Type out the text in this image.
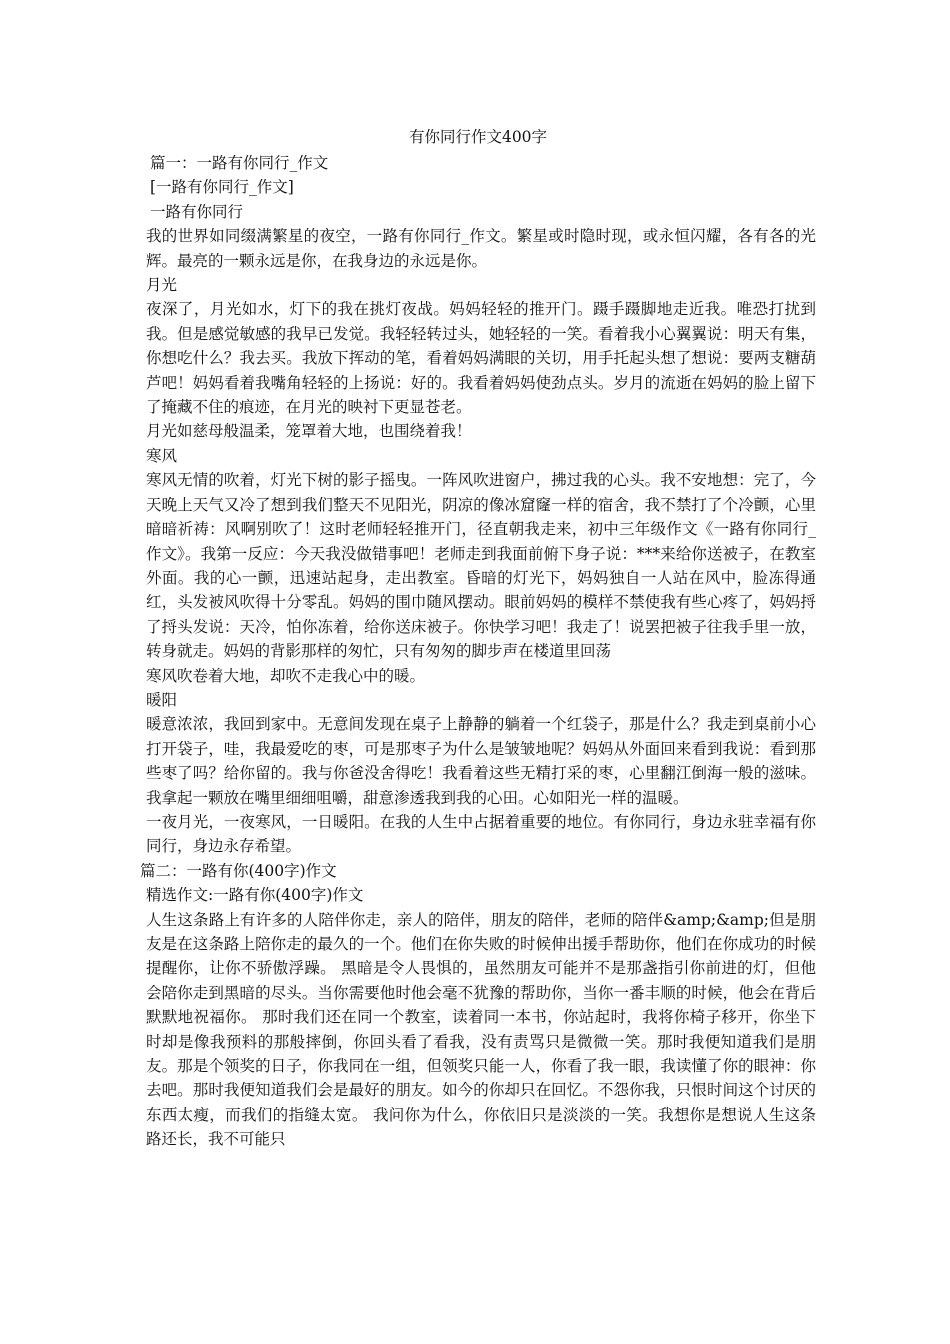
有你同行作文400字

篇一：一路有你同行_作文

[一路有你同行_作文]

一路有你同行

我的世界如同缀满繁星的夜空，一路有你同行_作文。繁星或时隐时现，或永恒闪耀，各有各的光辉。最亮的一颗永远是你，在我身边的永远是你。

月光

夜深了，月光如水，灯下的我在挑灯夜战。妈妈轻轻的推开门。蹑手蹑脚地走近我。唯恐打扰到我。但是感觉敏感的我早已发觉。我轻轻转过头，她轻轻的一笑。看着我小心翼翼说：明天有集，你想吃什么？我去买。我放下挥动的笔，看着妈妈满眼的关切，用手托起头想了想说：要两支糖葫芦吧！妈妈看着我嘴角轻轻的上扬说：好的。我看着妈妈使劲点头。岁月的流逝在妈妈的脸上留下了掩藏不住的痕迹，在月光的映衬下更显苍老。

月光如慈母般温柔，笼罩着大地，也围绕着我！

寒风

寒风无情的吹着，灯光下树的影子摇曳。一阵风吹进窗户，拂过我的心头。我不安地想：完了，今天晚上天气又冷了想到我们整天不见阳光，阴凉的像冰窟窿一样的宿舍，我不禁打了个冷颤，心里暗暗祈祷：风啊别吹了！这时老师轻轻推开门，径直朝我走来，初中三年级作文《一路有你同行_作文》。我第一反应：今天我没做错事吧！老师走到我面前俯下身子说：***来给你送被子，在教室外面。我的心一颤，迅速站起身，走出教室。昏暗的灯光下，妈妈独自一人站在风中，脸冻得通红，头发被风吹得十分零乱。妈妈的围巾随风摆动。眼前妈妈的模样不禁使我有些心疼了，妈妈捋了捋头发说：天冷，怕你冻着，给你送床被子。你快学习吧！我走了！说罢把被子往我手里一放，转身就走。妈妈的背影那样的匆忙，只有匆匆的脚步声在楼道里回荡

寒风吹卷着大地，却吹不走我心中的暖。

暖阳

暖意浓浓，我回到家中。无意间发现在桌子上静静的躺着一个红袋子，那是什么？我走到桌前小心打开袋子，哇，我最爱吃的枣，可是那枣子为什么是皱皱地呢？妈妈从外面回来看到我说：看到那些枣了吗？给你留的。我与你爸没舍得吃！我看着这些无精打采的枣，心里翻江倒海一般的滋味。我拿起一颗放在嘴里细细咀嚼，甜意渗透我到我的心田。心如阳光一样的温暖。

一夜月光，一夜寒风，一日暖阳。在我的人生中占据着重要的地位。有你同行，身边永驻幸福有你同行，身边永存希望。

篇二：一路有你(400字)作文

精选作文:一路有你(400字)作文

人生这条路上有许多的人陪伴你走，亲人的陪伴，朋友的陪伴，老师的陪伴&amp;&amp;但是朋友是在这条路上陪你走的最久的一个。他们在你失败的时候伸出援手帮助你，他们在你成功的时候提醒你，让你不骄傲浮躁。 黑暗是令人畏惧的，虽然朋友可能并不是那盏指引你前进的灯，但他会陪你走到黑暗的尽头。当你需要他时他会毫不犹豫的帮助你，当你一番丰顺的时候，他会在背后默默地祝福你。 那时我们还在同一个教室，读着同一本书，你站起时，我将你椅子移开，你坐下时却是像我预料的那般摔倒，你回头看了看我，没有责骂只是微微一笑。那时我便知道我们是朋友。那是个领奖的日子，你我同在一组，但领奖只能一人，你看了我一眼，我读懂了你的眼神：你去吧。那时我便知道我们会是最好的朋友。如今的你却只在回忆。不怨你我，只恨时间这个讨厌的东西太瘦，而我们的指缝太宽。 我问你为什么，你依旧只是淡淡的一笑。我想你是想说人生这条路还长，我不可能只
